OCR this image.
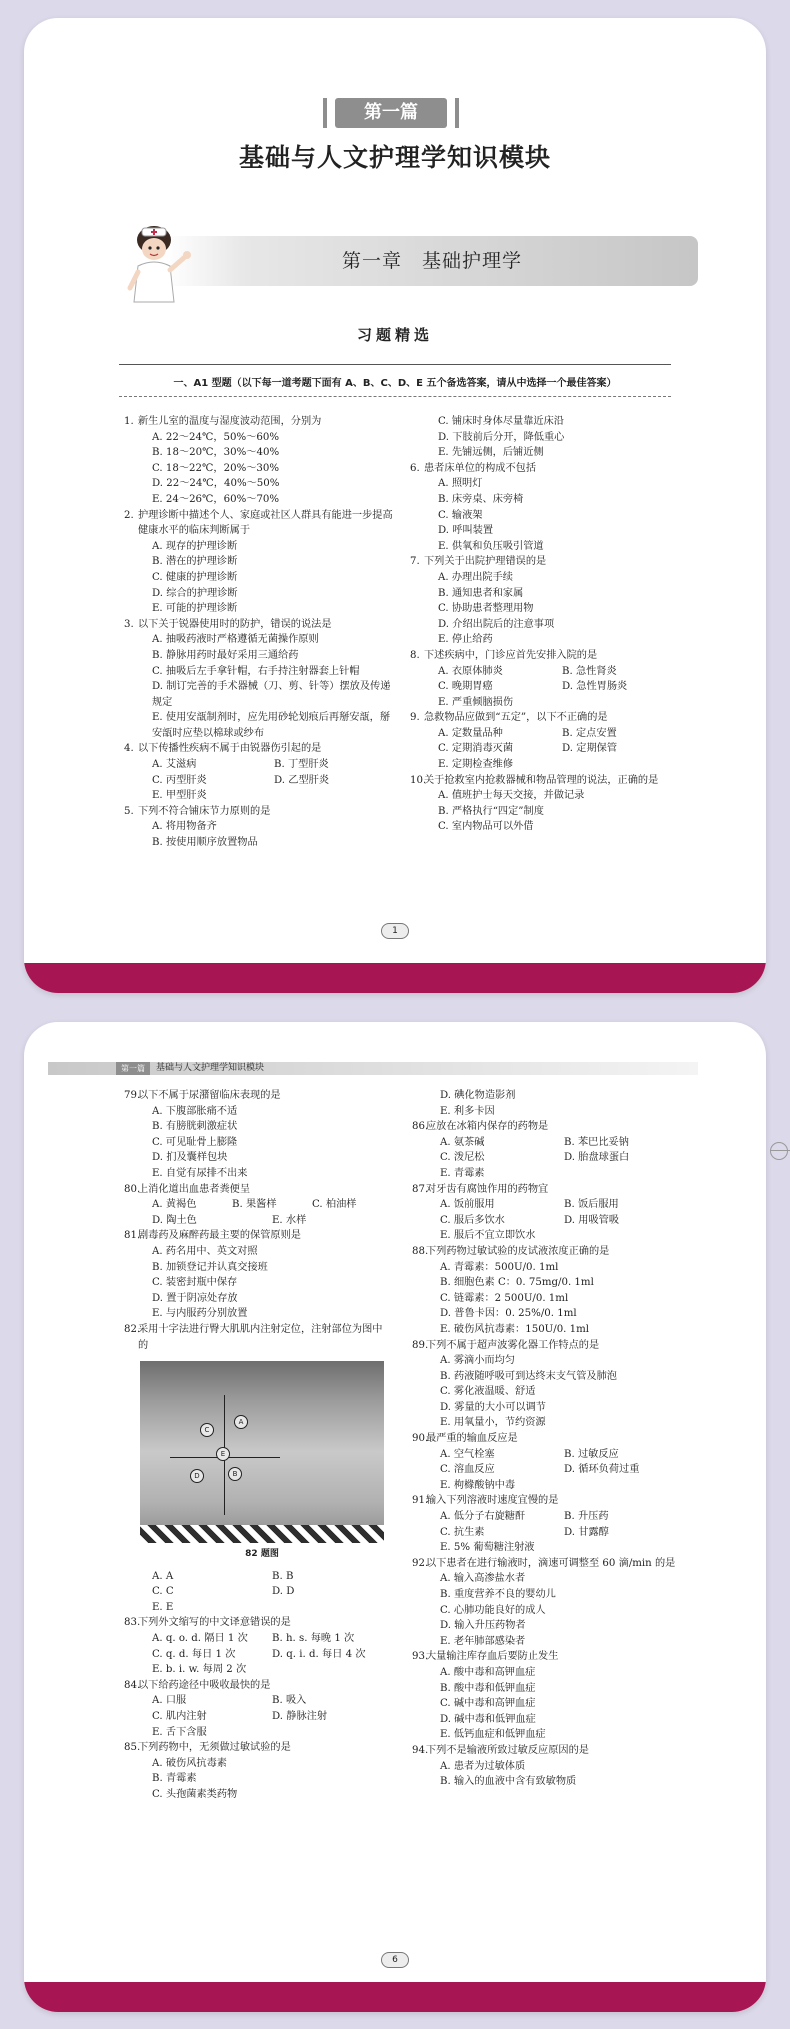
第一篇
基础与人文护理学知识模块
第一章　基础护理学
习题精选
一、A1 型题（以下每一道考题下面有 A、B、C、D、E 五个备选答案，请从中选择一个最佳答案）
1. 新生儿室的温度与湿度波动范围，分别为
A. 22～24℃，50%～60%
B. 18～20℃，30%～40%
C. 18～22℃，20%～30%
D. 22～24℃，40%～50%
E. 24～26℃，60%～70%
2. 护理诊断中描述个人、家庭或社区人群具有能进一步提高健康水平的临床判断属于
A. 现存的护理诊断
B. 潜在的护理诊断
C. 健康的护理诊断
D. 综合的护理诊断
E. 可能的护理诊断
3. 以下关于锐器使用时的防护，错误的说法是
A. 抽吸药液时严格遵循无菌操作原则
B. 静脉用药时最好采用三通给药
C. 抽吸后左手拿针帽，右手持注射器套上针帽
D. 制订完善的手术器械（刀、剪、针等）摆放及传递规定
E. 使用安瓿制剂时，应先用砂轮划痕后再掰安瓿，掰安瓿时应垫以棉球或纱布
4. 以下传播性疾病不属于由锐器伤引起的是
A. 艾滋病	B. 丁型肝炎
C. 丙型肝炎	D. 乙型肝炎
E. 甲型肝炎
5. 下列不符合铺床节力原则的是
A. 将用物备齐
B. 按使用顺序放置物品
C. 铺床时身体尽量靠近床沿
D. 下肢前后分开，降低重心
E. 先铺远侧，后铺近侧
6. 患者床单位的构成不包括
A. 照明灯
B. 床旁桌、床旁椅
C. 输液架
D. 呼叫装置
E. 供氧和负压吸引管道
7. 下列关于出院护理错误的是
A. 办理出院手续
B. 通知患者和家属
C. 协助患者整理用物
D. 介绍出院后的注意事项
E. 停止给药
8. 下述疾病中，门诊应首先安排入院的是
A. 衣原体肺炎	B. 急性肾炎
C. 晚期胃癌	D. 急性胃肠炎
E. 严重倾脑损伤
9. 急救物品应做到“五定”，以下不正确的是
A. 定数量品种	B. 定点安置
C. 定期消毒灭菌	D. 定期保管
E. 定期检查维修
10.
关于抢救室内抢救器械和物品管理的说法，正确的是
A. 值班护士每天交接，并做记录
B. 严格执行“四定”制度
C. 室内物品可以外借
1
第一篇	基础与人文护理学知识模块
79.
以下不属于尿潴留临床表现的是
A. 下腹部胀痛不适
B. 有膀胱刺激症状
C. 可见耻骨上膨隆
D. 扪及囊样包块
E. 自觉有尿排不出来
80.
上消化道出血患者粪便呈
A. 黄褐色	B. 果酱样	C. 柏油样
D. 陶土色	E. 水样
81.
剧毒药及麻醉药最主要的保管原则是
A. 药名用中、英文对照
B. 加锁登记并认真交接班
C. 装密封瓶中保存
D. 置于阴凉处存放
E. 与内服药分别放置
82.
采用十字法进行臀大肌肌内注射定位，注射部位为图中的
C
A
E
D	B
82 题图
A. A	B. B
C. C	D. D
E. E
83.
下列外文缩写的中文译意错误的是
A. q. o. d. 隔日 1 次	B. h. s. 每晚 1 次
C. q. d. 每日 1 次	D. q. i. d. 每日 4 次
E. b. i. w. 每周 2 次
84.
以下给药途径中吸收最快的是
A. 口服	B. 吸入
C. 肌内注射	D. 静脉注射
E. 舌下含服
85.
下列药物中，无须做过敏试验的是
A. 破伤风抗毒素
B. 青霉素
C. 头孢菌素类药物
D. 碘化物造影剂
E. 利多卡因
86.
应放在冰箱内保存的药物是
A. 氨茶碱	B. 苯巴比妥钠
C. 泼尼松	D. 胎盘球蛋白
E. 青霉素
87.
对牙齿有腐蚀作用的药物宜
A. 饭前服用	B. 饭后服用
C. 服后多饮水	D. 用吸管吸
E. 服后不宜立即饮水
88.
下列药物过敏试验的皮试液浓度正确的是
A. 青霉素：500U/0. 1ml
B. 细胞色素 C：0. 75mg/0. 1ml
C. 链霉素：2 500U/0. 1ml
D. 普鲁卡因：0. 25%/0. 1ml
E. 破伤风抗毒素：150U/0. 1ml
89.
下列不属于超声波雾化器工作特点的是
A. 雾滴小而均匀
B. 药液随呼吸可到达终末支气管及肺泡
C. 雾化液温暖、舒适
D. 雾量的大小可以调节
E. 用氧量小，节约资源
90.
最严重的输血反应是
A. 空气栓塞	B. 过敏反应
C. 溶血反应	D. 循环负荷过重
E. 枸橼酸钠中毒
91.
输入下列溶液时速度宜慢的是
A. 低分子右旋糖酐	B. 升压药
C. 抗生素	D. 甘露醇
E. 5% 葡萄糖注射液
92.
以下患者在进行输液时，滴速可调整至 60 滴/min 的是
A. 输入高渗盐水者
B. 重度营养不良的婴幼儿
C. 心肺功能良好的成人
D. 输入升压药物者
E. 老年肺部感染者
93.
大量输注库存血后要防止发生
A. 酸中毒和高钾血症
B. 酸中毒和低钾血症
C. 碱中毒和高钾血症
D. 碱中毒和低钾血症
E. 低钙血症和低钾血症
94.
下列不是输液所致过敏反应原因的是
A. 患者为过敏体质
B. 输入的血液中含有致敏物质
6
